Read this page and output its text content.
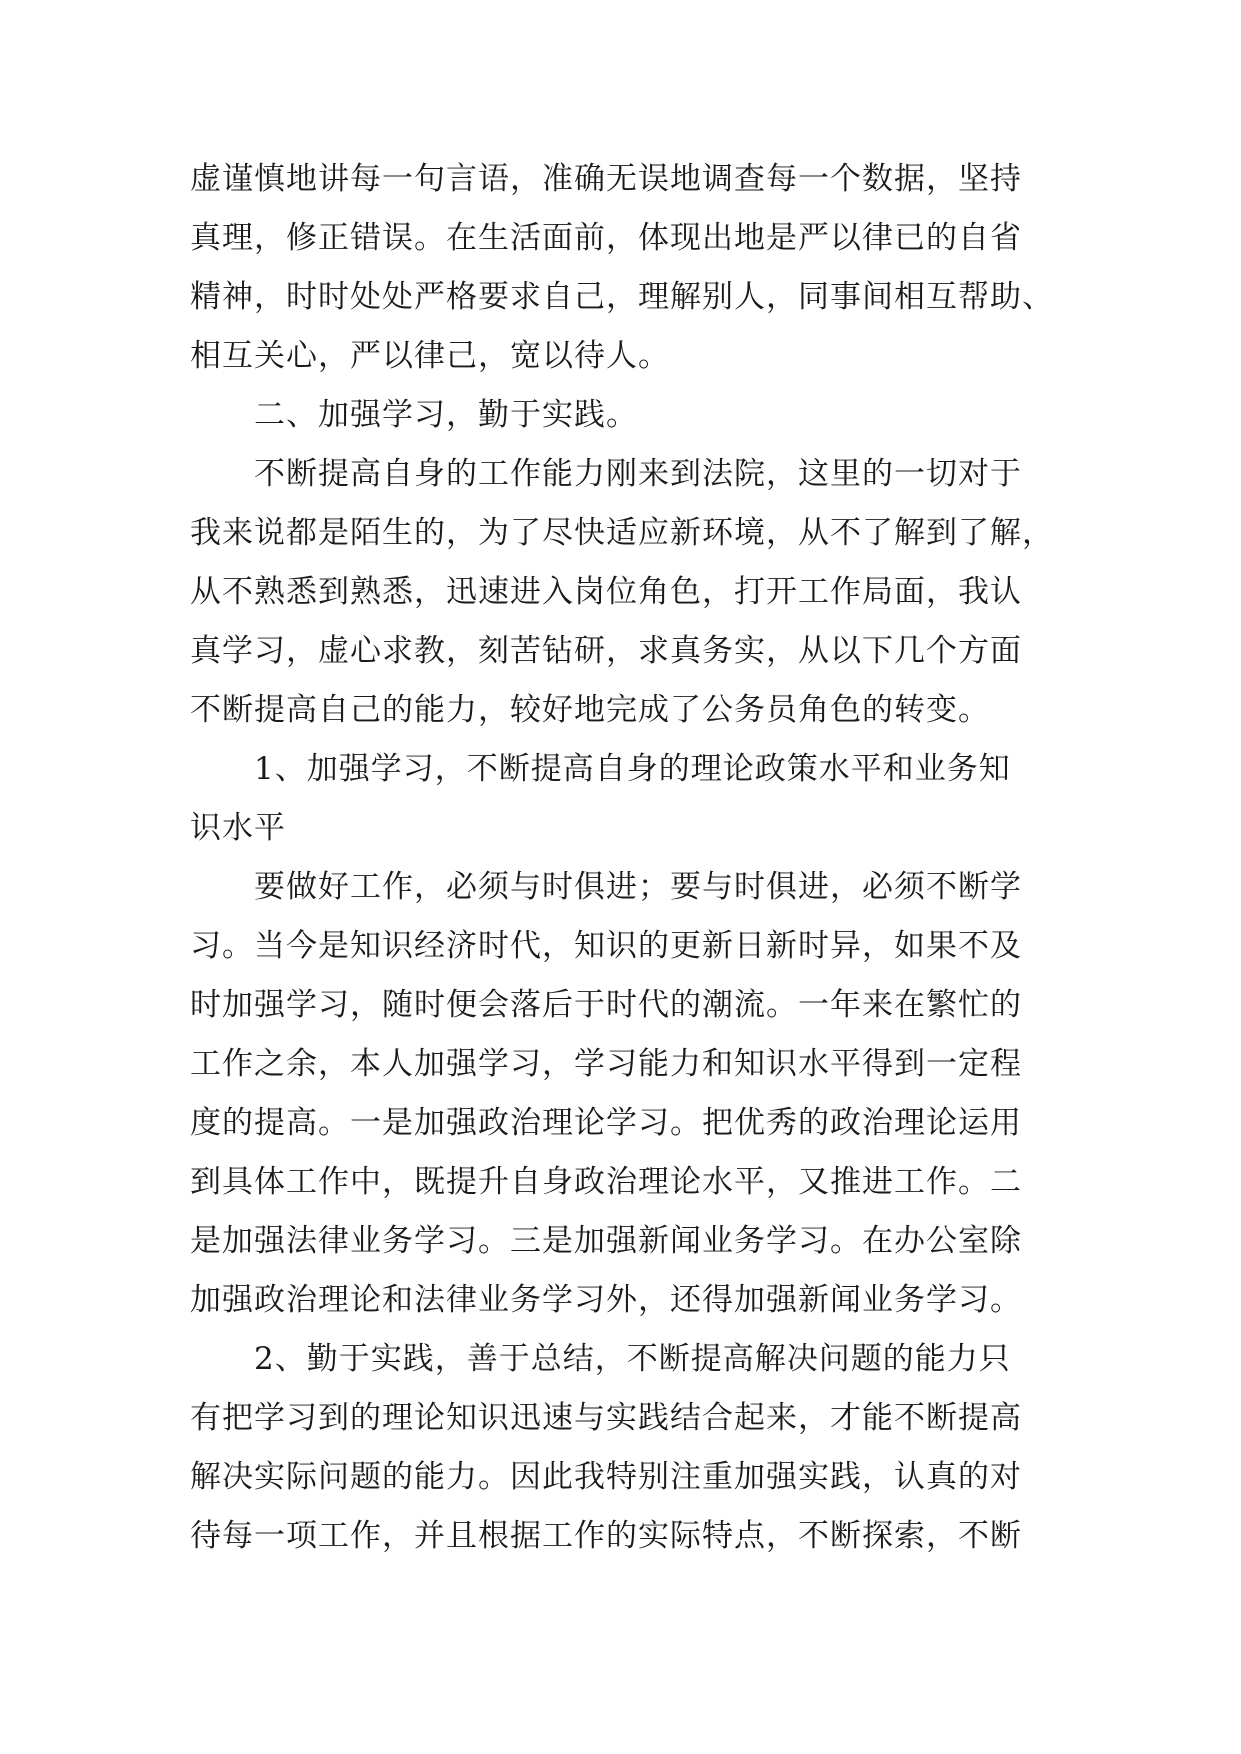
虚谨慎地讲每一句言语，准确无误地调查每一个数据，坚持
真理，修正错误。在生活面前，体现出地是严以律已的自省
精神，时时处处严格要求自己，理解别人，同事间相互帮助、
相互关心，严以律己，宽以待人。
二、加强学习，勤于实践。
不断提高自身的工作能力刚来到法院，这里的一切对于
我来说都是陌生的，为了尽快适应新环境，从不了解到了解，
从不熟悉到熟悉，迅速进入岗位角色，打开工作局面，我认
真学习，虚心求教，刻苦钻研，求真务实，从以下几个方面
不断提高自己的能力，较好地完成了公务员角色的转变。
1、加强学习，不断提高自身的理论政策水平和业务知
识水平
要做好工作，必须与时俱进；要与时俱进，必须不断学
习。当今是知识经济时代，知识的更新日新时异，如果不及
时加强学习，随时便会落后于时代的潮流。一年来在繁忙的
工作之余，本人加强学习，学习能力和知识水平得到一定程
度的提高。一是加强政治理论学习。把优秀的政治理论运用
到具体工作中，既提升自身政治理论水平，又推进工作。二
是加强法律业务学习。三是加强新闻业务学习。在办公室除
加强政治理论和法律业务学习外，还得加强新闻业务学习。
2、勤于实践，善于总结，不断提高解决问题的能力只
有把学习到的理论知识迅速与实践结合起来，才能不断提高
解决实际问题的能力。因此我特别注重加强实践，认真的对
待每一项工作，并且根据工作的实际特点，不断探索，不断
